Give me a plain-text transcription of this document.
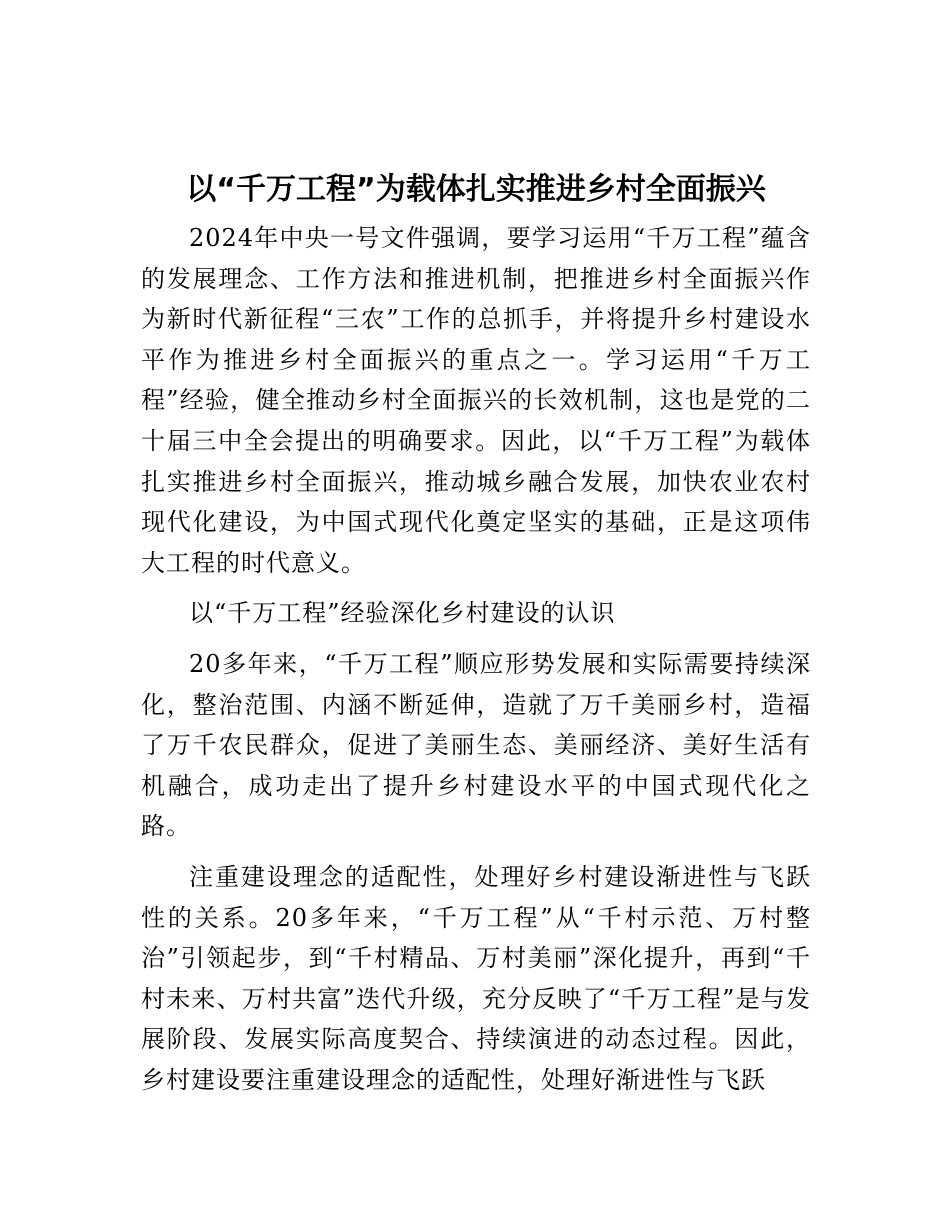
以“千万工程”为载体扎实推进乡村全面振兴

2024年中央一号文件强调，要学习运用“千万工程”蕴含的发展理念、工作方法和推进机制，把推进乡村全面振兴作为新时代新征程“三农”工作的总抓手，并将提升乡村建设水平作为推进乡村全面振兴的重点之一。学习运用“千万工程”经验，健全推动乡村全面振兴的长效机制，这也是党的二十届三中全会提出的明确要求。因此，以“千万工程”为载体扎实推进乡村全面振兴，推动城乡融合发展，加快农业农村现代化建设，为中国式现代化奠定坚实的基础，正是这项伟大工程的时代意义。

以“千万工程”经验深化乡村建设的认识

20多年来，“千万工程”顺应形势发展和实际需要持续深化，整治范围、内涵不断延伸，造就了万千美丽乡村，造福了万千农民群众，促进了美丽生态、美丽经济、美好生活有机融合，成功走出了提升乡村建设水平的中国式现代化之路。

注重建设理念的适配性，处理好乡村建设渐进性与飞跃性的关系。20多年来，“千万工程”从“千村示范、万村整治”引领起步，到“千村精品、万村美丽”深化提升，再到“千村未来、万村共富”迭代升级，充分反映了“千万工程”是与发展阶段、发展实际高度契合、持续演进的动态过程。因此，乡村建设要注重建设理念的适配性，处理好渐进性与飞跃
